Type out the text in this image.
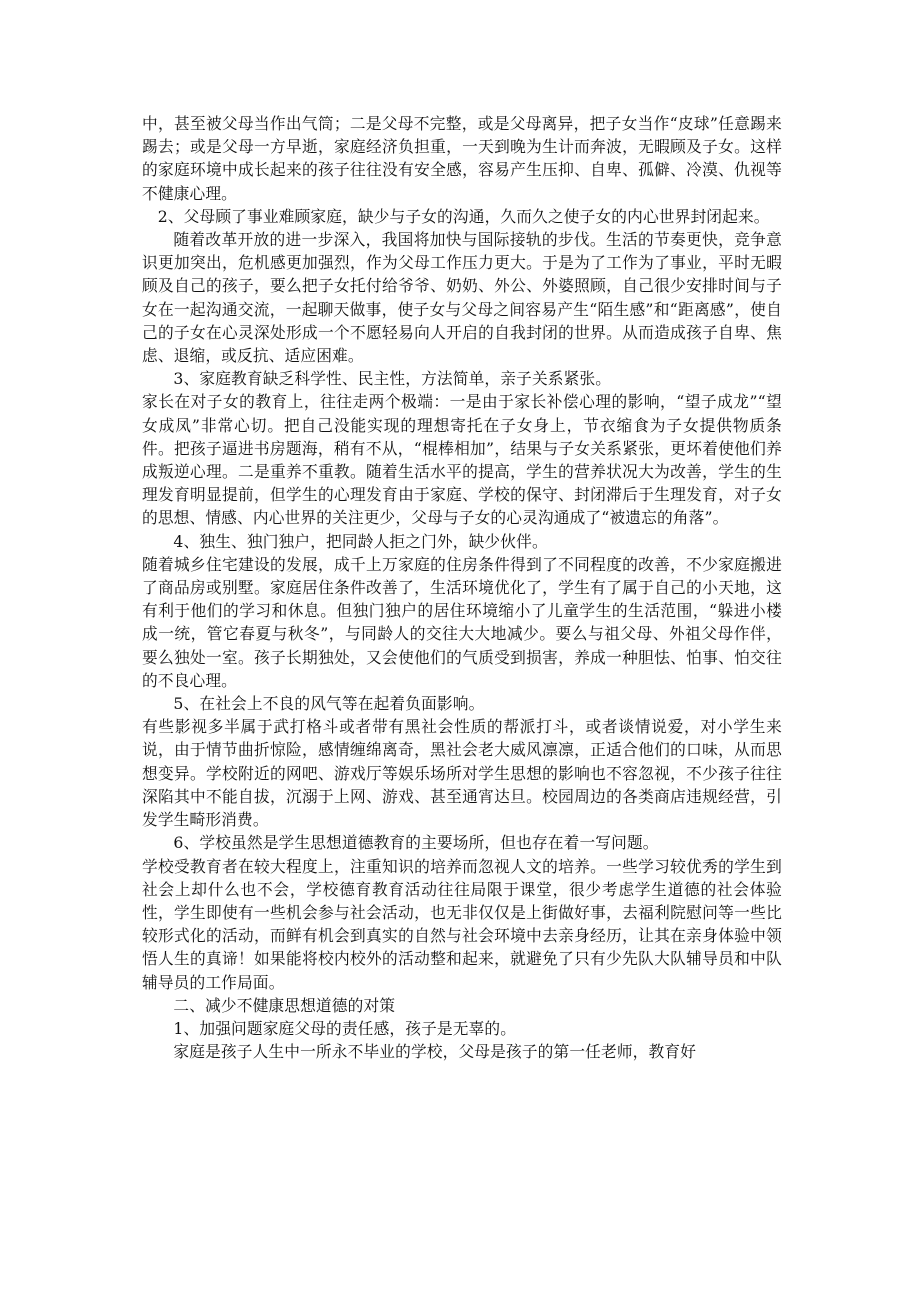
中，甚至被父母当作出气筒；二是父母不完整，或是父母离异，把子女当作“皮球”任意踢来踢去；或是父母一方早逝，家庭经济负担重，一天到晚为生计而奔波，无暇顾及子女。这样的家庭环境中成长起来的孩子往往没有安全感，容易产生压抑、自卑、孤僻、冷漠、仇视等不健康心理。

2、父母顾了事业难顾家庭，缺少与子女的沟通，久而久之使子女的内心世界封闭起来。

随着改革开放的进一步深入，我国将加快与国际接轨的步伐。生活的节奏更快，竞争意识更加突出，危机感更加强烈，作为父母工作压力更大。于是为了工作为了事业，平时无暇顾及自己的孩子，要么把子女托付给爷爷、奶奶、外公、外婆照顾，自己很少安排时间与子女在一起沟通交流，一起聊天做事，使子女与父母之间容易产生“陌生感”和“距离感”，使自己的子女在心灵深处形成一个不愿轻易向人开启的自我封闭的世界。从而造成孩子自卑、焦虑、退缩，或反抗、适应困难。

3、家庭教育缺乏科学性、民主性，方法简单，亲子关系紧张。

家长在对子女的教育上，往往走两个极端：一是由于家长补偿心理的影响，“望子成龙”“望女成凤”非常心切。把自己没能实现的理想寄托在子女身上，节衣缩食为子女提供物质条件。把孩子逼进书房题海，稍有不从，“棍棒相加”，结果与子女关系紧张，更坏着使他们养成叛逆心理。二是重养不重教。随着生活水平的提高，学生的营养状况大为改善，学生的生理发育明显提前，但学生的心理发育由于家庭、学校的保守、封闭滞后于生理发育，对子女的思想、情感、内心世界的关注更少，父母与子女的心灵沟通成了“被遗忘的角落”。

4、独生、独门独户，把同龄人拒之门外，缺少伙伴。

随着城乡住宅建设的发展，成千上万家庭的住房条件得到了不同程度的改善，不少家庭搬进了商品房或别墅。家庭居住条件改善了，生活环境优化了，学生有了属于自己的小天地，这有利于他们的学习和休息。但独门独户的居住环境缩小了儿童学生的生活范围，“躲进小楼成一统，管它春夏与秋冬”，与同龄人的交往大大地减少。要么与祖父母、外祖父母作伴，要么独处一室。孩子长期独处，又会使他们的气质受到损害，养成一种胆怯、怕事、怕交往的不良心理。

5、在社会上不良的风气等在起着负面影响。

有些影视多半属于武打格斗或者带有黑社会性质的帮派打斗，或者谈情说爱，对小学生来说，由于情节曲折惊险，感情缠绵离奇，黑社会老大威风凛凛，正适合他们的口味，从而思想变异。学校附近的网吧、游戏厅等娱乐场所对学生思想的影响也不容忽视，不少孩子往往深陷其中不能自拔，沉溺于上网、游戏、甚至通宵达旦。校园周边的各类商店违规经营，引发学生畸形消费。

6、学校虽然是学生思想道德教育的主要场所，但也存在着一写问题。

学校受教育者在较大程度上，注重知识的培养而忽视人文的培养。一些学习较优秀的学生到社会上却什么也不会，学校德育教育活动往往局限于课堂，很少考虑学生道德的社会体验性，学生即使有一些机会参与社会活动，也无非仅仅是上街做好事，去福利院慰问等一些比较形式化的活动，而鲜有机会到真实的自然与社会环境中去亲身经历，让其在亲身体验中领悟人生的真谛！如果能将校内校外的活动整和起来，就避免了只有少先队大队辅导员和中队辅导员的工作局面。

二、减少不健康思想道德的对策

1、加强问题家庭父母的责任感，孩子是无辜的。

家庭是孩子人生中一所永不毕业的学校，父母是孩子的第一任老师，教育好
